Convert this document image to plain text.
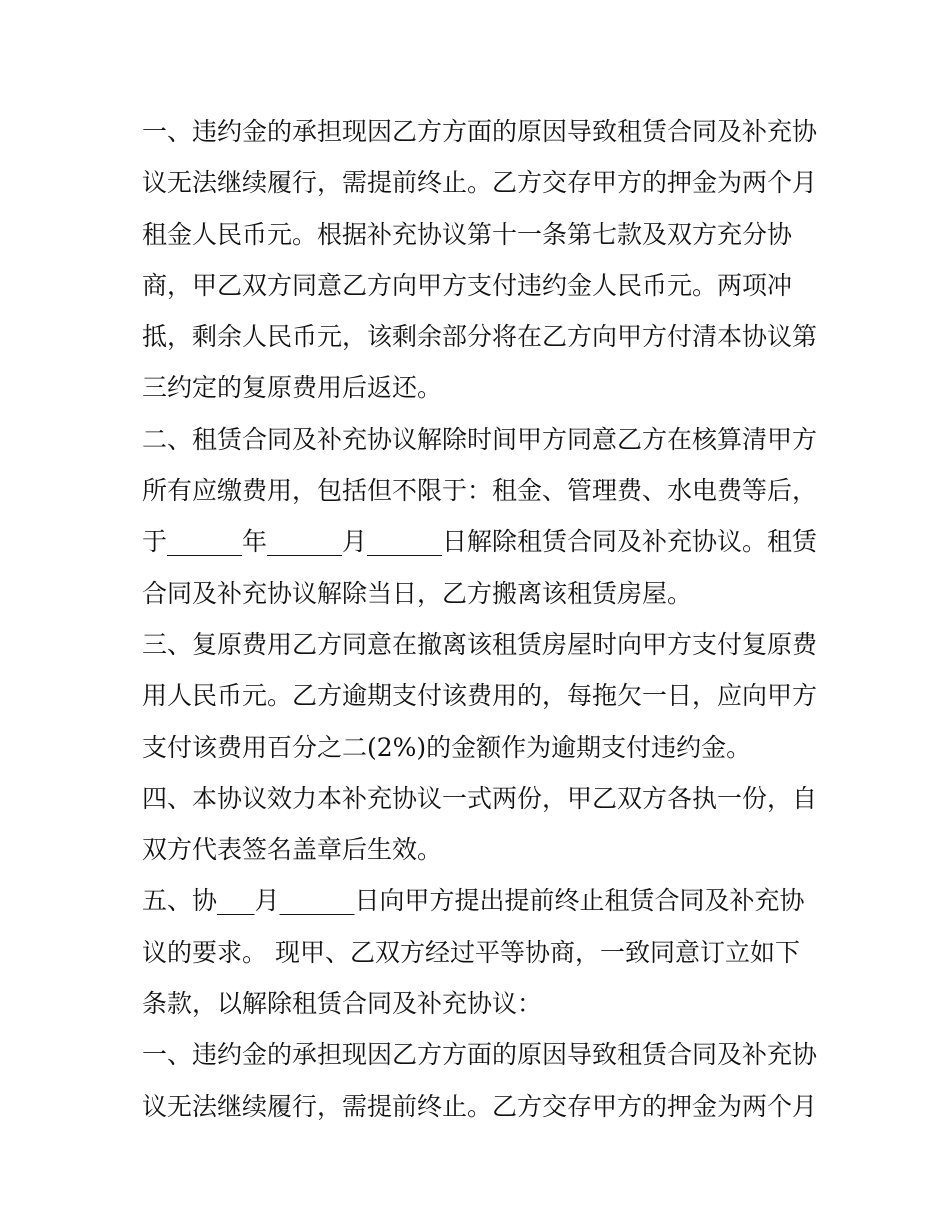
一、违约金的承担现因乙方方面的原因导致租赁合同及补充协
议无法继续履行，需提前终止。乙方交存甲方的押金为两个月
租金人民币元。根据补充协议第十一条第七款及双方充分协
商，甲乙双方同意乙方向甲方支付违约金人民币元。两项冲
抵，剩余人民币元，该剩余部分将在乙方向甲方付清本协议第
三约定的复原费用后返还。
二、租赁合同及补充协议解除时间甲方同意乙方在核算清甲方
所有应缴费用，包括但不限于：租金、管理费、水电费等后，
于______年______月______日解除租赁合同及补充协议。租赁
合同及补充协议解除当日，乙方搬离该租赁房屋。
三、复原费用乙方同意在撤离该租赁房屋时向甲方支付复原费
用人民币元。乙方逾期支付该费用的，每拖欠一日，应向甲方
支付该费用百分之二(2%)的金额作为逾期支付违约金。
四、本协议效力本补充协议一式两份，甲乙双方各执一份，自
双方代表签名盖章后生效。
五、协___月______日向甲方提出提前终止租赁合同及补充协
议的要求。 现甲、乙双方经过平等协商，一致同意订立如下
条款，以解除租赁合同及补充协议：
一、违约金的承担现因乙方方面的原因导致租赁合同及补充协
议无法继续履行，需提前终止。乙方交存甲方的押金为两个月
